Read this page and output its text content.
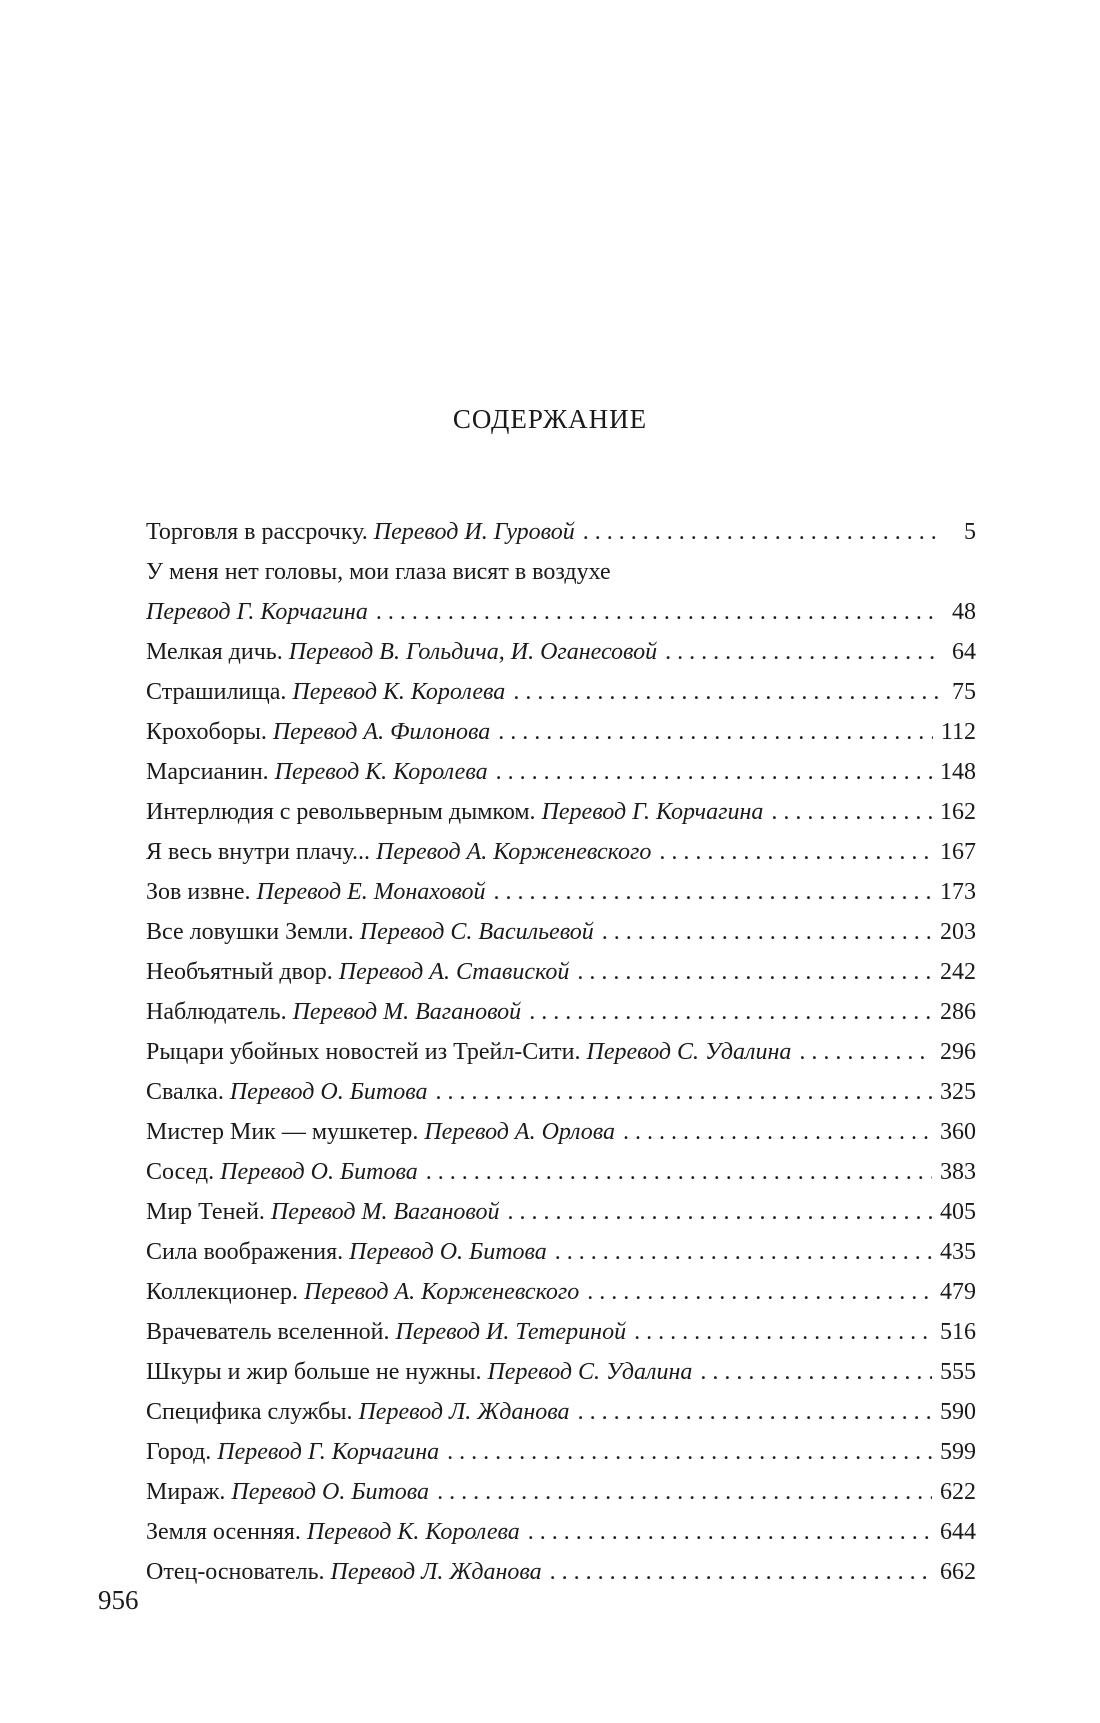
СОДЕРЖАНИЕ
Торговля в рассрочку. Перевод И. Гуровой . . .	5
У меня нет головы, мои глаза висят в воздухе
Перевод Г. Корчагина . . .	48
Мелкая дичь. Перевод В. Гольдича, И. Оганесовой . . .	64
Страшилища. Перевод К. Королева . . .	75
Крохоборы. Перевод А. Филонова . . .	112
Марсианин. Перевод К. Королева . . .	148
Интерлюдия с револьверным дымком. Перевод Г. Корчагина . . .	162
Я весь внутри плачу... Перевод А. Корженевского . . .	167
Зов извне. Перевод Е. Монаховой . . .	173
Все ловушки Земли. Перевод С. Васильевой . . .	203
Необъятный двор. Перевод А. Ставиской . . .	242
Наблюдатель. Перевод М. Вагановой . . .	286
Рыцари убойных новостей из Трейл-Сити. Перевод С. Удалина . . .	296
Свалка. Перевод О. Битова . . .	325
Мистер Мик — мушкетер. Перевод А. Орлова . . .	360
Сосед. Перевод О. Битова . . .	383
Мир Теней. Перевод М. Вагановой . . .	405
Сила воображения. Перевод О. Битова . . .	435
Коллекционер. Перевод А. Корженевского . . .	479
Врачеватель вселенной. Перевод И. Тетериной . . .	516
Шкуры и жир больше не нужны. Перевод С. Удалина . . .	555
Специфика службы. Перевод Л. Жданова . . .	590
Город. Перевод Г. Корчагина . . .	599
Мираж. Перевод О. Битова . . .	622
Земля осенняя. Перевод К. Королева . . .	644
Отец-основатель. Перевод Л. Жданова . . .	662
956
